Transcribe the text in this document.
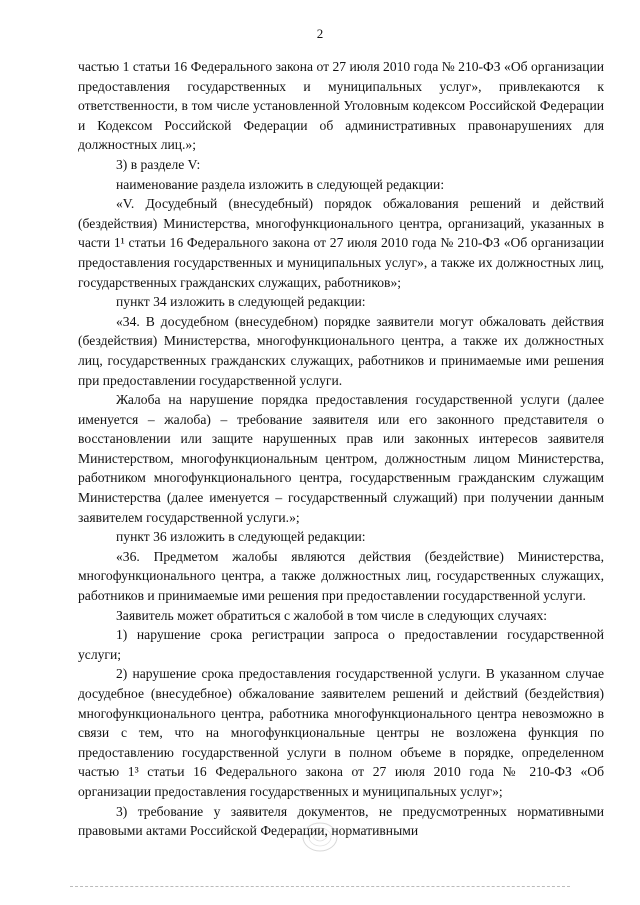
2

частью 1 статьи 16 Федерального закона от 27 июля 2010 года № 210-ФЗ «Об организации предоставления государственных и муниципальных услуг», привлекаются к ответственности, в том числе установленной Уголовным кодексом Российской Федерации и Кодексом Российской Федерации об административных правонарушениях для должностных лиц.»;

3) в разделе V:

наименование раздела изложить в следующей редакции:

«V. Досудебный (внесудебный) порядок обжалования решений и действий (бездействия) Министерства, многофункционального центра, организаций, указанных в части 1¹ статьи 16 Федерального закона от 27 июля 2010 года № 210-ФЗ «Об организации предоставления государственных и муниципальных услуг», а также их должностных лиц, государственных гражданских служащих, работников»;

пункт 34 изложить в следующей редакции:

«34. В досудебном (внесудебном) порядке заявители могут обжаловать действия (бездействия) Министерства, многофункционального центра, а также их должностных лиц, государственных гражданских служащих, работников и принимаемые ими решения при предоставлении государственной услуги.

Жалоба на нарушение порядка предоставления государственной услуги (далее именуется – жалоба) – требование заявителя или его законного представителя о восстановлении или защите нарушенных прав или законных интересов заявителя Министерством, многофункциональным центром, должностным лицом Министерства, работником многофункционального центра, государственным гражданским служащим Министерства (далее именуется – государственный служащий) при получении данным заявителем государственной услуги.»;

пункт 36 изложить в следующей редакции:

«36. Предметом жалобы являются действия (бездействие) Министерства, многофункционального центра, а также должностных лиц, государственных служащих, работников и принимаемые ими решения при предоставлении государственной услуги.

Заявитель может обратиться с жалобой в том числе в следующих случаях:

1) нарушение срока регистрации запроса о предоставлении государственной услуги;

2) нарушение срока предоставления государственной услуги. В указанном случае досудебное (внесудебное) обжалование заявителем решений и действий (бездействия) многофункционального центра, работника многофункционального центра невозможно в связи с тем, что на многофункциональные центры не возложена функция по предоставлению государственной услуги в полном объеме в порядке, определенном частью 1³ статьи 16 Федерального закона от 27 июля 2010 года № 210-ФЗ «Об организации предоставления государственных и муниципальных услуг»;

3) требование у заявителя документов, не предусмотренных нормативными правовыми актами Российской Федерации, нормативными
